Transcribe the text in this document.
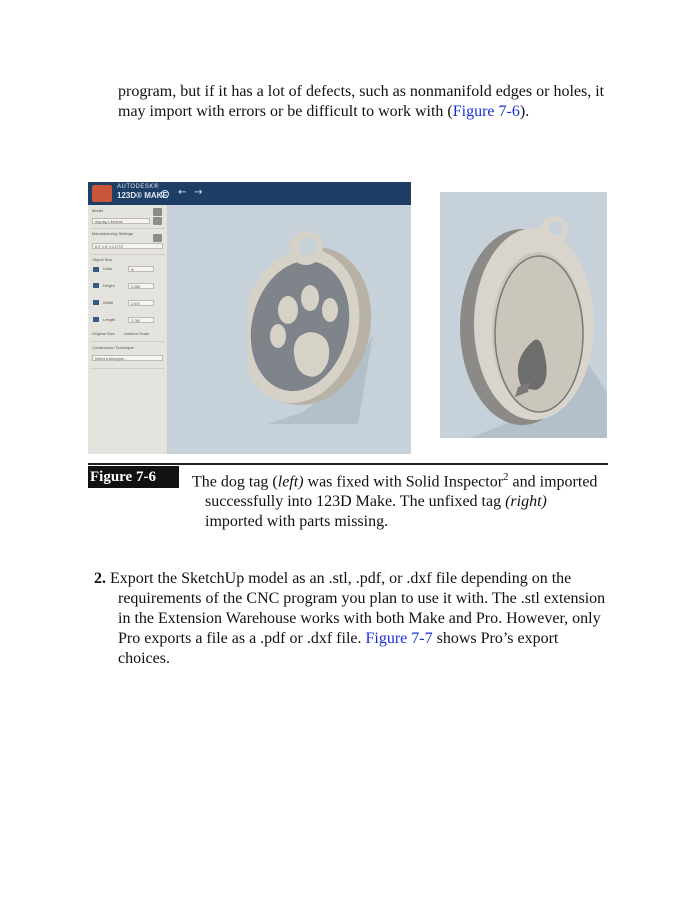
program, but if it has a lot of defects, such as nonmanifold edges or holes, it may import with errors or be difficult to work with (Figure 7-6).
AUTODESK®
123D® MAKE ← →
Model
dog tag 1 fixed.stl
Manufacturing Settings
8.0" x 6" x 0.1772"
Object Size
Units	in
Height	0.368
Width	2.675
Length	2.760
Original Size Uniform Scale
Construction Technique
Select a technique...
Figure 7-6	The dog tag (left) was fixed with Solid Inspector$^2$ and imported successfully into 123D Make. The unfixed tag (right) imported with parts missing.
2. Export the SketchUp model as an .stl, .pdf, or .dxf file depending on the requirements of the CNC program you plan to use it with. The .stl extension in the Extension Warehouse works with both Make and Pro. However, only Pro exports a file as a .pdf or .dxf file. Figure 7-7 shows Pro’s export choices.
